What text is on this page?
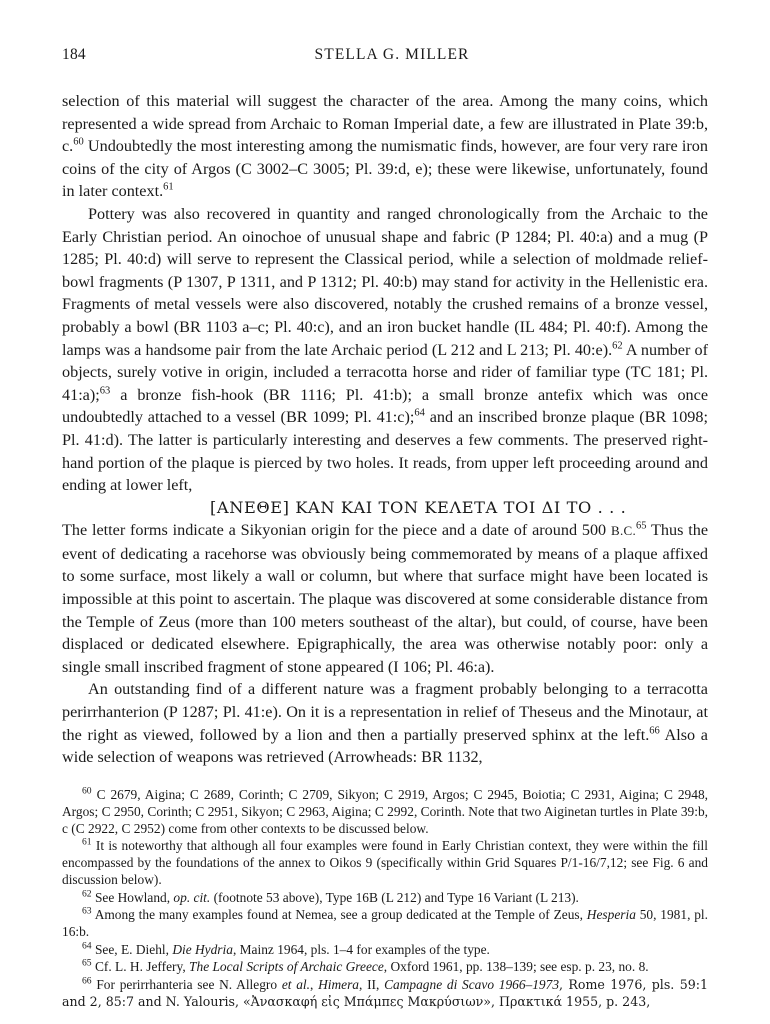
184	STELLA G. MILLER

selection of this material will suggest the character of the area. Among the many coins, which represented a wide spread from Archaic to Roman Imperial date, a few are illustrated in Plate 39:b, c.$^{60}$ Undoubtedly the most interesting among the numismatic finds, however, are four very rare iron coins of the city of Argos (C 3002–C 3005; Pl. 39:d, e); these were likewise, unfortunately, found in later context.$^{61}$

Pottery was also recovered in quantity and ranged chronologically from the Archaic to the Early Christian period. An oinochoe of unusual shape and fabric (P 1284; Pl. 40:a) and a mug (P 1285; Pl. 40:d) will serve to represent the Classical period, while a selection of moldmade relief-bowl fragments (P 1307, P 1311, and P 1312; Pl. 40:b) may stand for activity in the Hellenistic era. Fragments of metal vessels were also discovered, notably the crushed remains of a bronze vessel, probably a bowl (BR 1103 a–c; Pl. 40:c), and an iron bucket handle (IL 484; Pl. 40:f). Among the lamps was a handsome pair from the late Archaic period (L 212 and L 213; Pl. 40:e).$^{62}$ A number of objects, surely votive in origin, included a terracotta horse and rider of familiar type (TC 181; Pl. 41:a);$^{63}$ a bronze fish-hook (BR 1116; Pl. 41:b); a small bronze antefix which was once undoubtedly attached to a vessel (BR 1099; Pl. 41:c);$^{64}$ and an inscribed bronze plaque (BR 1098; Pl. 41:d). The latter is particularly interesting and deserves a few comments. The preserved right-hand portion of the plaque is pierced by two holes. It reads, from upper left proceeding around and ending at lower left,

[ΑΝΕΘΕ] ΚΑΝ ΚΑΙ ΤΟΝ ΚΕΛΕΤΑ ΤΟΙ ΔΙ ΤΟ . . .

The letter forms indicate a Sikyonian origin for the piece and a date of around 500 B.C.$^{65}$ Thus the event of dedicating a racehorse was obviously being commemorated by means of a plaque affixed to some surface, most likely a wall or column, but where that surface might have been located is impossible at this point to ascertain. The plaque was discovered at some considerable distance from the Temple of Zeus (more than 100 meters southeast of the altar), but could, of course, have been displaced or dedicated elsewhere. Epigraphically, the area was otherwise notably poor: only a single small inscribed fragment of stone appeared (I 106; Pl. 46:a).

An outstanding find of a different nature was a fragment probably belonging to a terracotta perirrhanterion (P 1287; Pl. 41:e). On it is a representation in relief of Theseus and the Minotaur, at the right as viewed, followed by a lion and then a partially preserved sphinx at the left.$^{66}$ Also a wide selection of weapons was retrieved (Arrowheads: BR 1132,

$^{60}$ C 2679, Aigina; C 2689, Corinth; C 2709, Sikyon; C 2919, Argos; C 2945, Boiotia; C 2931, Aigina; C 2948, Argos; C 2950, Corinth; C 2951, Sikyon; C 2963, Aigina; C 2992, Corinth. Note that two Aiginetan turtles in Plate 39:b, c (C 2922, C 2952) come from other contexts to be discussed below.

$^{61}$ It is noteworthy that although all four examples were found in Early Christian context, they were within the fill encompassed by the foundations of the annex to Oikos 9 (specifically within Grid Squares P/1-16/7,12; see Fig. 6 and discussion below).

$^{62}$ See Howland, op. cit. (footnote 53 above), Type 16B (L 212) and Type 16 Variant (L 213).

$^{63}$ Among the many examples found at Nemea, see a group dedicated at the Temple of Zeus, Hesperia 50, 1981, pl. 16:b.

$^{64}$ See, E. Diehl, Die Hydria, Mainz 1964, pls. 1–4 for examples of the type.

$^{65}$ Cf. L. H. Jeffery, The Local Scripts of Archaic Greece, Oxford 1961, pp. 138–139; see esp. p. 23, no. 8.

$^{66}$ For perirrhanteria see N. Allegro et al., Himera, II, Campagne di Scavo 1966–1973, Rome 1976, pls. 59:1 and 2, 85:7 and N. Yalouris, «Ἀνασκαφή εἰς Μπάμπες Μακρύσιων», Πρακτικά 1955, p. 243,
